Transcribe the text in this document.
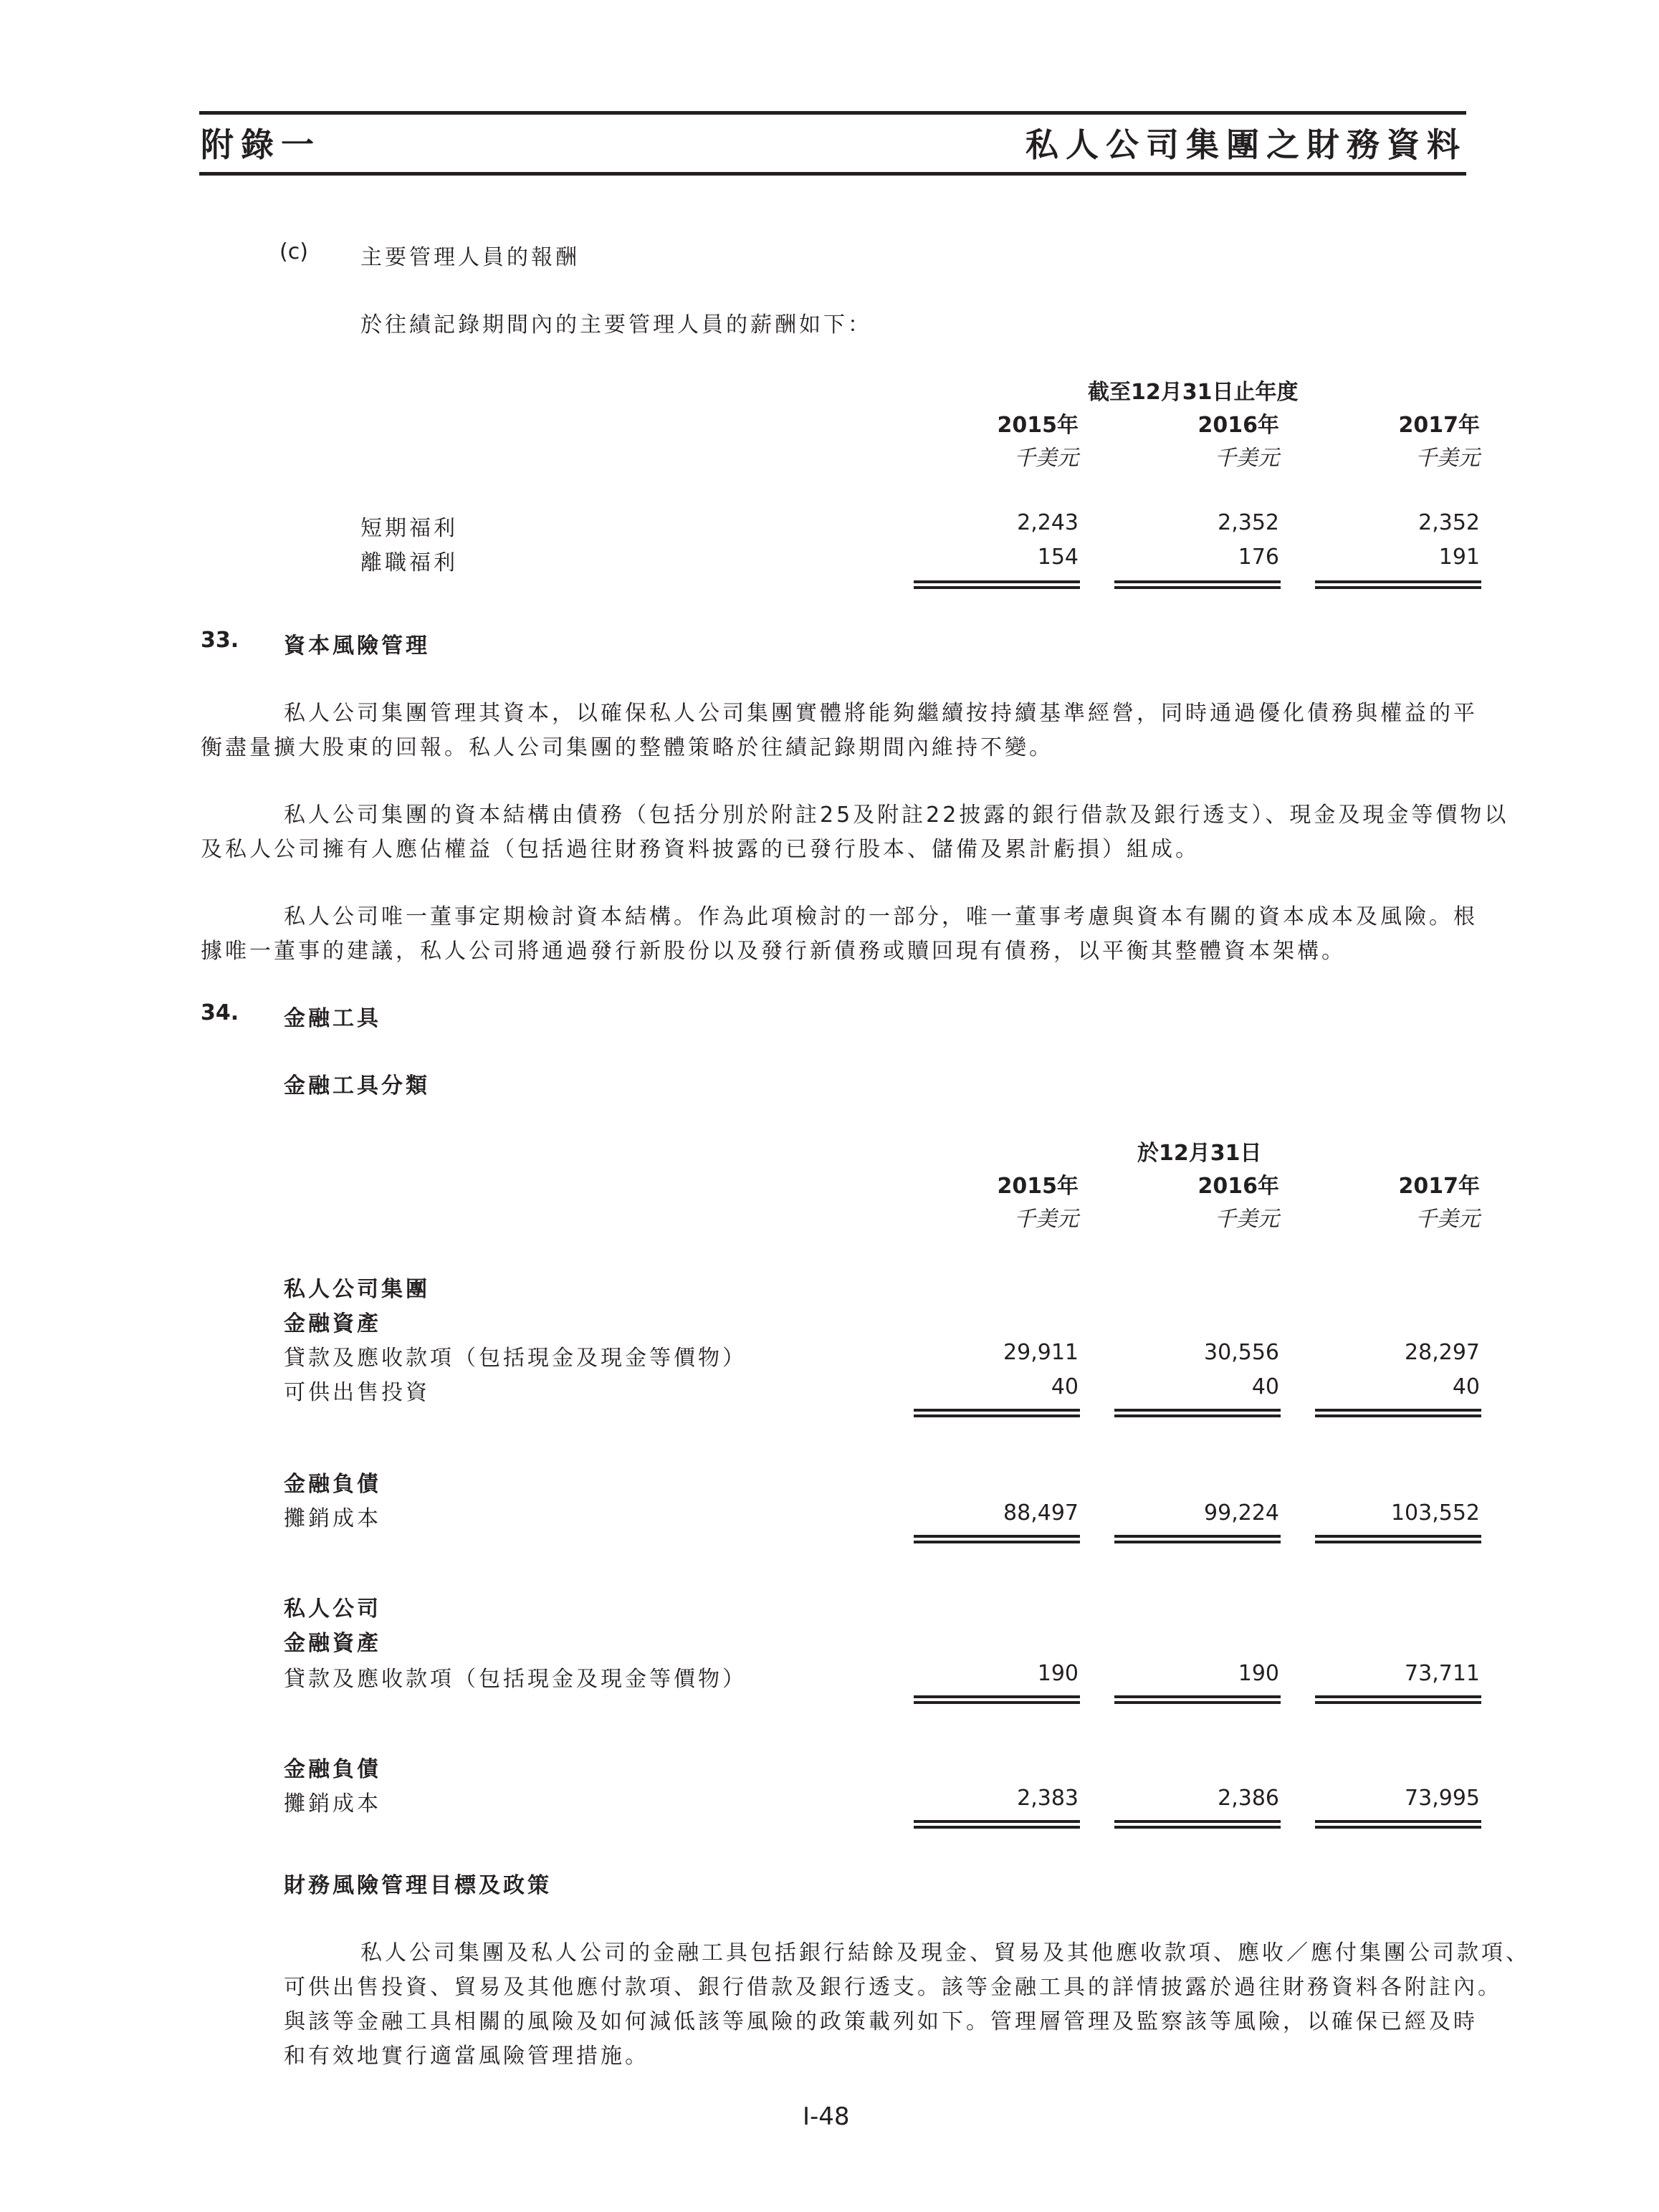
附錄一	私人公司集團之財務資料
(c) 主要管理人員的報酬
於往績記錄期間內的主要管理人員的薪酬如下：
截至12月31日止年度
2015年	2016年	2017年
千美元	千美元	千美元
短期福利	2,243	2,352	2,352
離職福利	154	176	191
33. 資本風險管理
私人公司集團管理其資本，以確保私人公司集團實體將能夠繼續按持續基準經營，同時通過優化債務與權益的平
衡盡量擴大股東的回報。私人公司集團的整體策略於往績記錄期間內維持不變。
私人公司集團的資本結構由債務（包括分別於附註25及附註22披露的銀行借款及銀行透支）、現金及現金等價物以
及私人公司擁有人應佔權益（包括過往財務資料披露的已發行股本、儲備及累計虧損）組成。
私人公司唯一董事定期檢討資本結構。作為此項檢討的一部分，唯一董事考慮與資本有關的資本成本及風險。根
據唯一董事的建議，私人公司將通過發行新股份以及發行新債務或贖回現有債務，以平衡其整體資本架構。
34. 金融工具
金融工具分類
於12月31日
2015年	2016年	2017年
千美元	千美元	千美元
私人公司集團
金融資產
貸款及應收款項（包括現金及現金等價物）	29,911	30,556	28,297
可供出售投資	40	40	40
金融負債
攤銷成本	88,497	99,224	103,552
私人公司
金融資產
貸款及應收款項（包括現金及現金等價物）	190	190	73,711
金融負債
攤銷成本	2,383	2,386	73,995
財務風險管理目標及政策
私人公司集團及私人公司的金融工具包括銀行結餘及現金、貿易及其他應收款項、應收／應付集團公司款項、
可供出售投資、貿易及其他應付款項、銀行借款及銀行透支。該等金融工具的詳情披露於過往財務資料各附註內。
與該等金融工具相關的風險及如何減低該等風險的政策載列如下。管理層管理及監察該等風險，以確保已經及時
和有效地實行適當風險管理措施。
I-48
